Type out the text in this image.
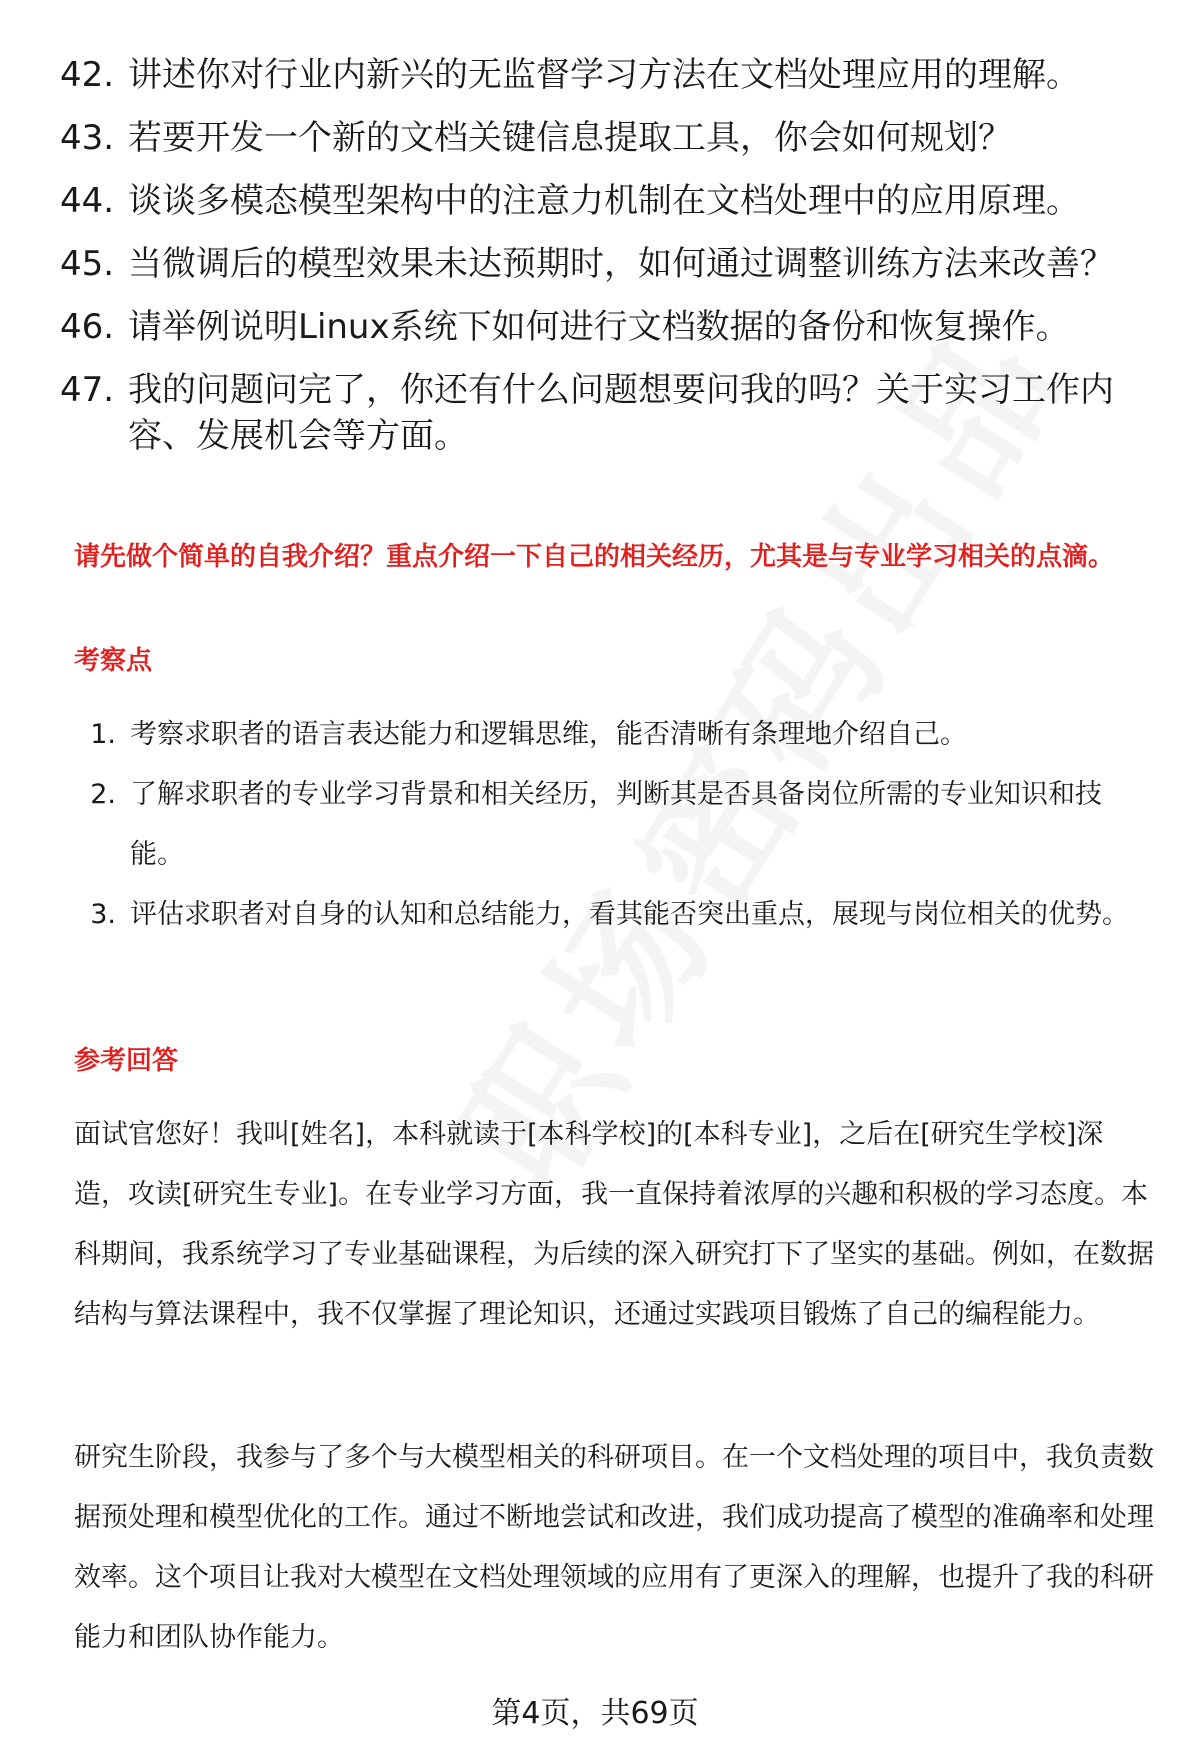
42. 讲述你对行业内新兴的无监督学习方法在文档处理应用的理解。
43. 若要开发一个新的文档关键信息提取工具，你会如何规划？
44. 谈谈多模态模型架构中的注意力机制在文档处理中的应用原理。
45. 当微调后的模型效果未达预期时，如何通过调整训练方法来改善？
46. 请举例说明Linux系统下如何进行文档数据的备份和恢复操作。
47. 我的问题问完了，你还有什么问题想要问我的吗？关于实习工作内容、发展机会等方面。
请先做个简单的自我介绍？重点介绍一下自己的相关经历，尤其是与专业学习相关的点滴。
考察点
1. 考察求职者的语言表达能力和逻辑思维，能否清晰有条理地介绍自己。
2. 了解求职者的专业学习背景和相关经历，判断其是否具备岗位所需的专业知识和技能。
3. 评估求职者对自身的认知和总结能力，看其能否突出重点，展现与岗位相关的优势。
参考回答
面试官您好！我叫[姓名]，本科就读于[本科学校]的[本科专业]，之后在[研究生学校]深造，攻读[研究生专业]。在专业学习方面，我一直保持着浓厚的兴趣和积极的学习态度。本科期间，我系统学习了专业基础课程，为后续的深入研究打下了坚实的基础。例如，在数据结构与算法课程中，我不仅掌握了理论知识，还通过实践项目锻炼了自己的编程能力。
研究生阶段，我参与了多个与大模型相关的科研项目。在一个文档处理的项目中，我负责数据预处理和模型优化的工作。通过不断地尝试和改进，我们成功提高了模型的准确率和处理效率。这个项目让我对大模型在文档处理领域的应用有了更深入的理解，也提升了我的科研能力和团队协作能力。
第4页，共69页
